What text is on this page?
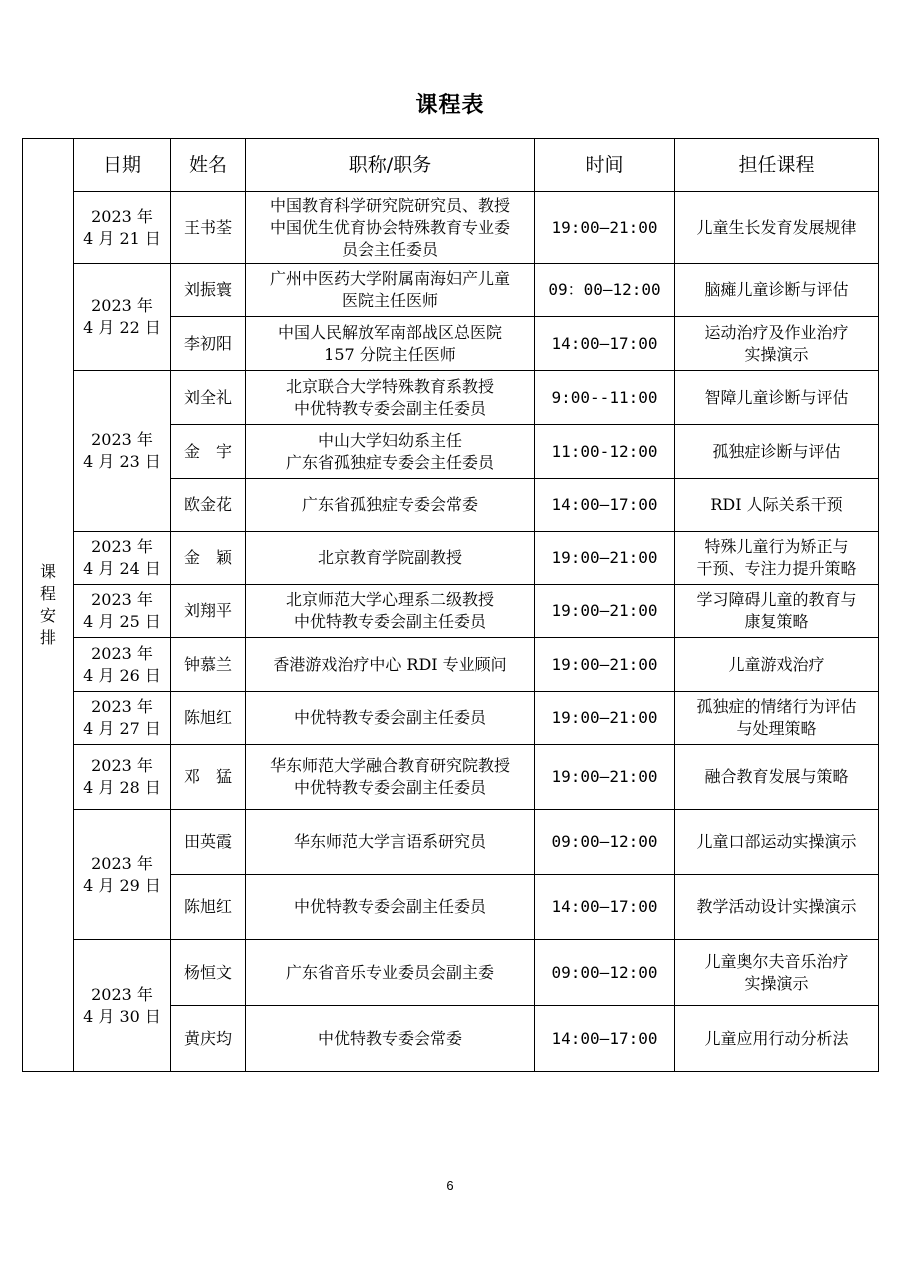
课程表
课
程
安
排	日期	姓名	职称/职务	时间	担任课程

	2023 年
4 月 21 日	王书荃	中国教育科学研究院研究员、教授
中国优生优育协会特殊教育专业委
员会主任委员	19:00—21:00	儿童生长发育发展规律

	2023 年
4 月 22 日	刘振寰	广州中医药大学附属南海妇产儿童
医院主任医师	09：00—12:00	脑瘫儿童诊断与评估

		李初阳	中国人民解放军南部战区总医院
157 分院主任医师	14:00—17:00	运动治疗及作业治疗
实操演示

	2023 年
4 月 23 日	刘全礼	北京联合大学特殊教育系教授
中优特教专委会副主任委员	9:00--11:00	智障儿童诊断与评估

		金　宇	中山大学妇幼系主任
广东省孤独症专委会主任委员	11:00-12:00	孤独症诊断与评估

		欧金花	广东省孤独症专委会常委	14:00—17:00	RDI 人际关系干预

	2023 年
4 月 24 日	金　颖	北京教育学院副教授	19:00—21:00	特殊儿童行为矫正与
干预、专注力提升策略

	2023 年
4 月 25 日	刘翔平	北京师范大学心理系二级教授
中优特教专委会副主任委员	19:00—21:00	学习障碍儿童的教育与
康复策略

	2023 年
4 月 26 日	钟慕兰	香港游戏治疗中心 RDI 专业顾问	19:00—21:00	儿童游戏治疗

	2023 年
4 月 27 日	陈旭红	中优特教专委会副主任委员	19:00—21:00	孤独症的情绪行为评估
与处理策略

	2023 年
4 月 28 日	邓　猛	华东师范大学融合教育研究院教授
中优特教专委会副主任委员	19:00—21:00	融合教育发展与策略

	2023 年
4 月 29 日	田英霞	华东师范大学言语系研究员	09:00—12:00	儿童口部运动实操演示

		陈旭红	中优特教专委会副主任委员	14:00—17:00	教学活动设计实操演示

	2023 年
4 月 30 日	杨恒文	广东省音乐专业委员会副主委	09:00—12:00	儿童奥尔夫音乐治疗
实操演示

		黄庆均	中优特教专委会常委	14:00—17:00	儿童应用行动分析法
6
